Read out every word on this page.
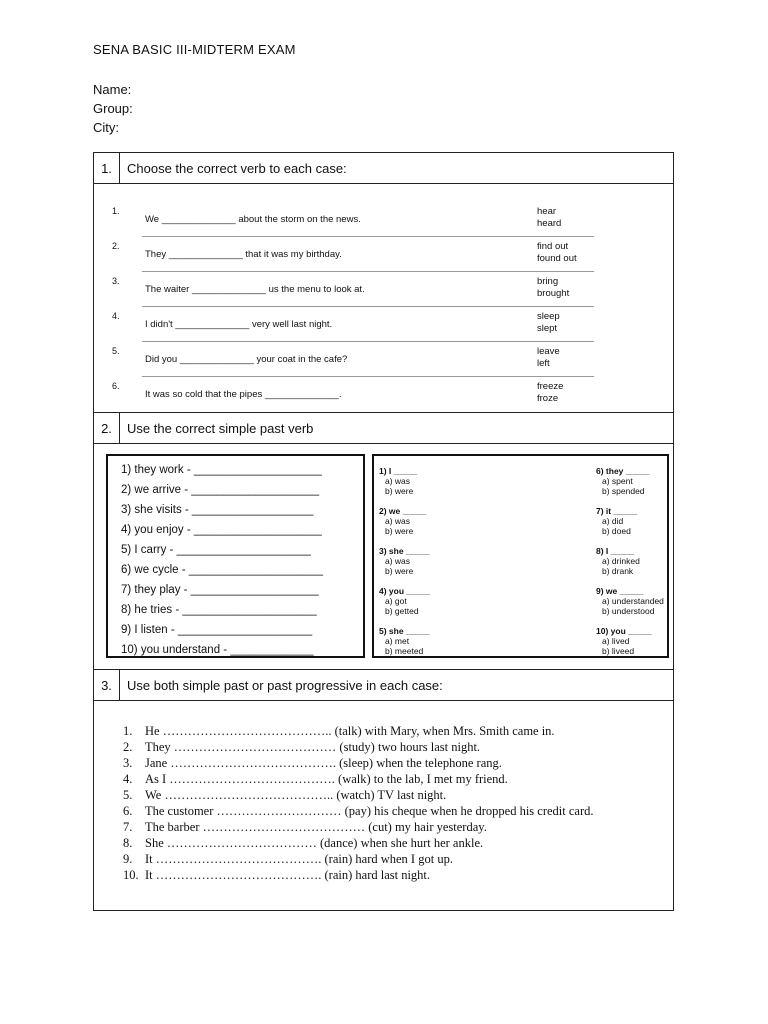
SENA BASIC III-MIDTERM EXAM
Name:
Group:
City:
1.	Choose the correct verb to each case:
1.
We ______________ about the storm on the news.
hear
heard
2.
They ______________ that it was my birthday.
find out
found out
3.
The waiter ______________ us the menu to look at.
bring
brought
4.
I didn't ______________ very well last night.
sleep
slept
5.
Did you ______________ your coat in the cafe?
leave
left
6.
It was so cold that the pipes ______________.
freeze
froze
2.	Use the correct simple past verb
1) they work - ____________________
2) we arrive - ____________________
3) she visits - ___________________
4) you enjoy - ____________________
5) I carry - _____________________
6) we cycle - _____________________
7) they play - ____________________
8) he tries - _____________________
9) I listen - _____________________
10) you understand - _____________
1) I _____
a) was
b) were
2) we _____
a) was
b) were
3) she _____
a) was
b) were
4) you _____
a) got
b) getted
5) she _____
a) met
b) meeted
6) they _____
a) spent
b) spended
7) it _____
a) did
b) doed
8) I _____
a) drinked
b) drank
9) we _____
a) understanded
b) understood
10) you _____
a) lived
b) liveed
3.	Use both simple past or past progressive in each case:
1. He ………………………………….. (talk) with Mary, when Mrs. Smith came in.
2. They ………………………………… (study) two hours last night.
3. Jane …………………………………. (sleep) when the telephone rang.
4. As I …………………………………. (walk) to the lab, I met my friend.
5. We ………………………………….. (watch) TV last night.
6. The customer ………………………… (pay) his cheque when he dropped his credit card.
7. The barber ………………………………… (cut) my hair yesterday.
8. She ……………………………… (dance) when she hurt her ankle.
9. It …………………………………. (rain) hard when I got up.
10. It …………………………………. (rain) hard last night.
